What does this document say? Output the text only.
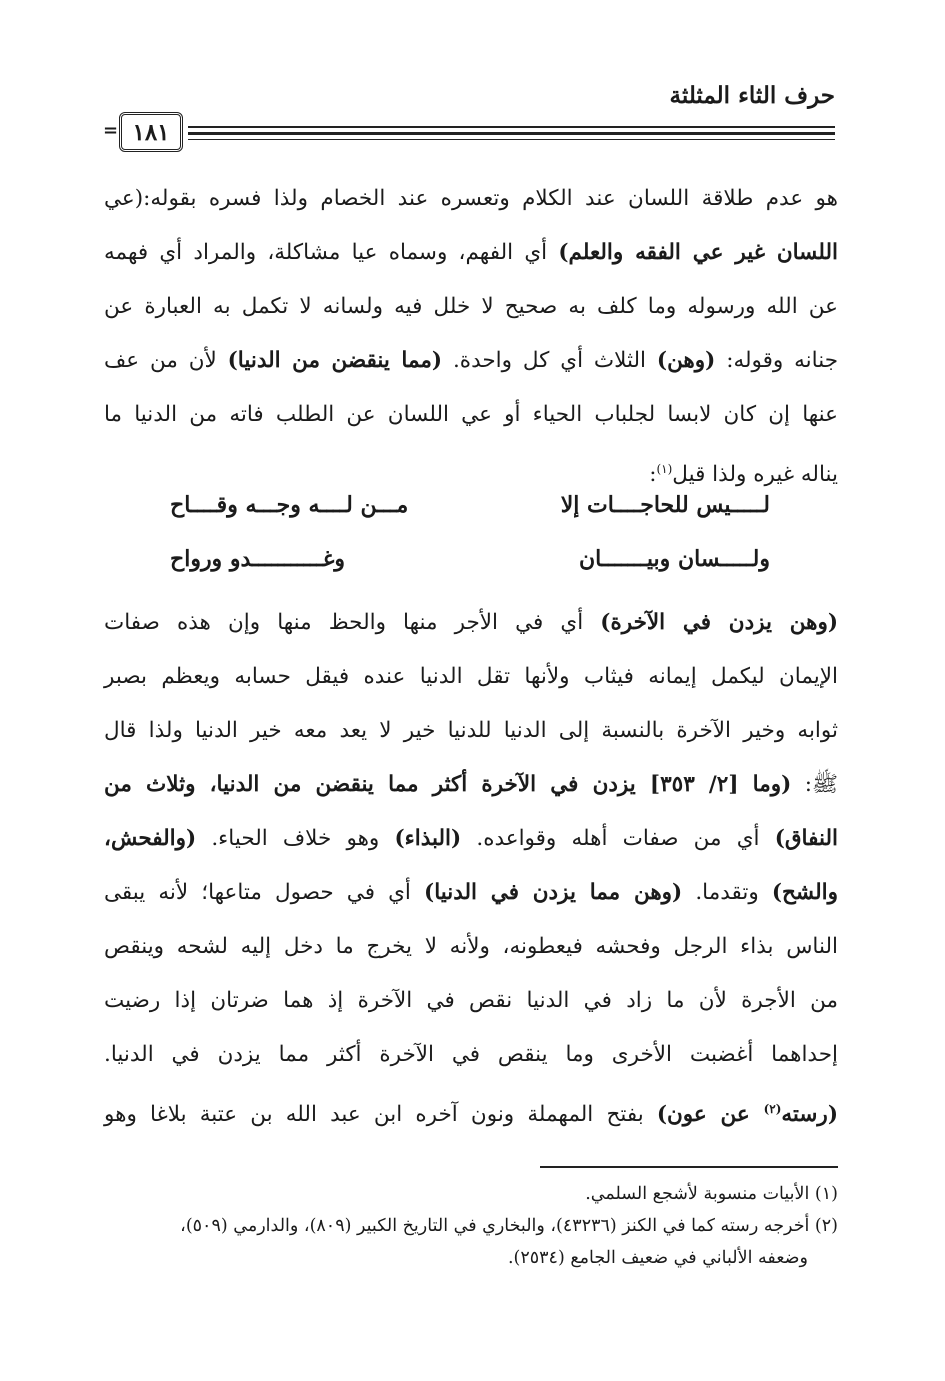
حرف الثاء المثلثة
١٨١
=
هو عدم طلاقة اللسان عند الكلام وتعسره عند الخصام ولذا فسره بقوله:(عي
اللسان غير عي الفقه والعلم) أي الفهم، وسماه عيا مشاكلة، والمراد أي فهمه
عن الله ورسوله وما كلف به صحيح لا خلل فيه ولسانه لا تكمل به العبارة عن
جنانه وقوله: (وهن) الثلاث أي كل واحدة. (مما ينقضن من الدنيا) لأن من عف
عنها إن كان لابسا لجلباب الحياء أو عي اللسان عن الطلب فاته من الدنيا ما
يناله غيره ولذا قيل$^{(١)}$:
لـــــيس للحاجــــات إلا
مـــن لــــه وجـــه وقــــاح
ولـــــسان وبيـــــــان
وغـــــــــــدو ورواح
(وهن يزدن في الآخرة) أي في الأجر منها والحظ منها وإن هذه صفات
الإيمان ليكمل إيمانه فيثاب ولأنها تقل الدنيا عنده فيقل حسابه ويعظم بصبر
ثوابه وخير الآخرة بالنسبة إلى الدنيا للدنيا خير لا يعد معه خير الدنيا ولذا قال
ﷺ: (وما [٢/ ٣٥٣] يزدن في الآخرة أكثر مما ينقضن من الدنيا، وثلاث من
النفاق) أي من صفات أهله وقواعده. (البذاء) وهو خلاف الحياء. (والفحش،
والشح) وتقدما. (وهن مما يزدن في الدنيا) أي في حصول متاعها؛ لأنه يبقى
الناس بذاء الرجل وفحشه فيعطونه، ولأنه لا يخرج ما دخل إليه لشحه وينقص
من الأجرة لأن ما زاد في الدنيا نقص في الآخرة إذ هما ضرتان إذا رضيت
إحداهما أغضبت الأخرى وما ينقص في الآخرة أكثر مما يزدن في الدنيا.
(رسته$^{(٢)}$ عن عون) بفتح المهملة ونون آخره ابن عبد الله بن عتبة بلاغا وهو
(١) الأبيات منسوبة لأشجع السلمي.
(٢) أخرجه رسته كما في الكنز (٤٣٢٣٦)، والبخاري في التاريخ الكبير (٨٠٩)، والدارمي (٥٠٩)،
وضعفه الألباني في ضعيف الجامع (٢٥٣٤).
